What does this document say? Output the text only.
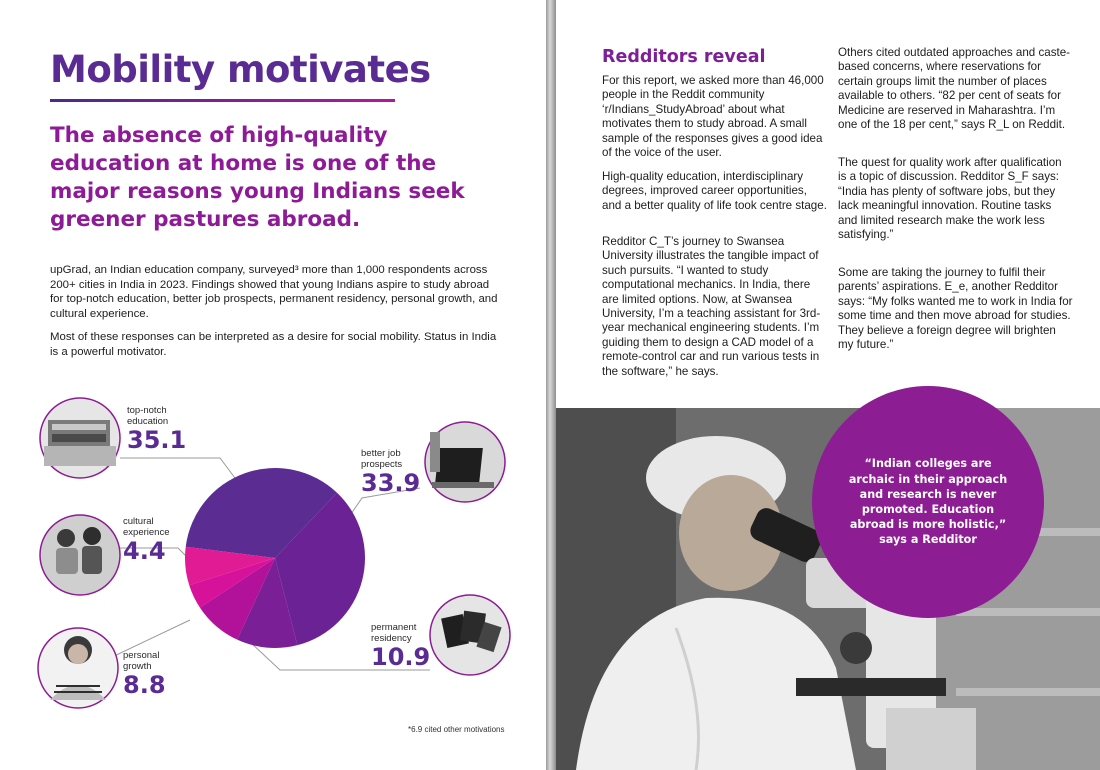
Mobility motivates
The absence of high-quality education at home is one of the major reasons young Indians seek greener pastures abroad.
upGrad, an Indian education company, surveyed³ more than 1,000 respondents across 200+ cities in India in 2023. Findings showed that young Indians aspire to study abroad for top-notch education, better job prospects, permanent residency, personal growth, and cultural experience.
Most of these responses can be interpreted as a desire for social mobility. Status in India is a powerful motivator.
top-notch
education
35.1	better job
prospects
33.9
cultural
experience
4.4
permanent
residency
10.9
personal
growth
8.8
*6.9 cited other motivations
Redditors reveal
For this report, we asked more than 46,000 people in the Reddit community ‘r/Indians_StudyAbroad’ about what motivates them to study abroad. A small sample of the responses gives a good idea of the voice of the user.
High-quality education, interdisciplinary degrees, improved career opportunities, and a better quality of life took centre stage.
Redditor C_T’s journey to Swansea University illustrates the tangible impact of such pursuits. “I wanted to study computational mechanics. In India, there are limited options. Now, at Swansea University, I’m a teaching assistant for 3rd-year mechanical engineering students. I’m guiding them to design a CAD model of a remote-control car and run various tests in the software,” he says.
Others cited outdated approaches and caste-based concerns, where reservations for certain groups limit the number of places available to others. “82 per cent of seats for Medicine are reserved in Maharashtra. I’m one of the 18 per cent,” says R_L on Reddit.
The quest for quality work after qualification is a topic of discussion. Redditor S_F says: “India has plenty of software jobs, but they lack meaningful innovation. Routine tasks and limited research make the work less satisfying.”
Some are taking the journey to fulfil their parents’ aspirations. E_e, another Redditor says: “My folks wanted me to work in India for some time and then move abroad for studies. They believe a foreign degree will brighten my future.”
“Indian colleges are archaic in their approach and research is never promoted. Education abroad is more holistic,” says a Redditor
